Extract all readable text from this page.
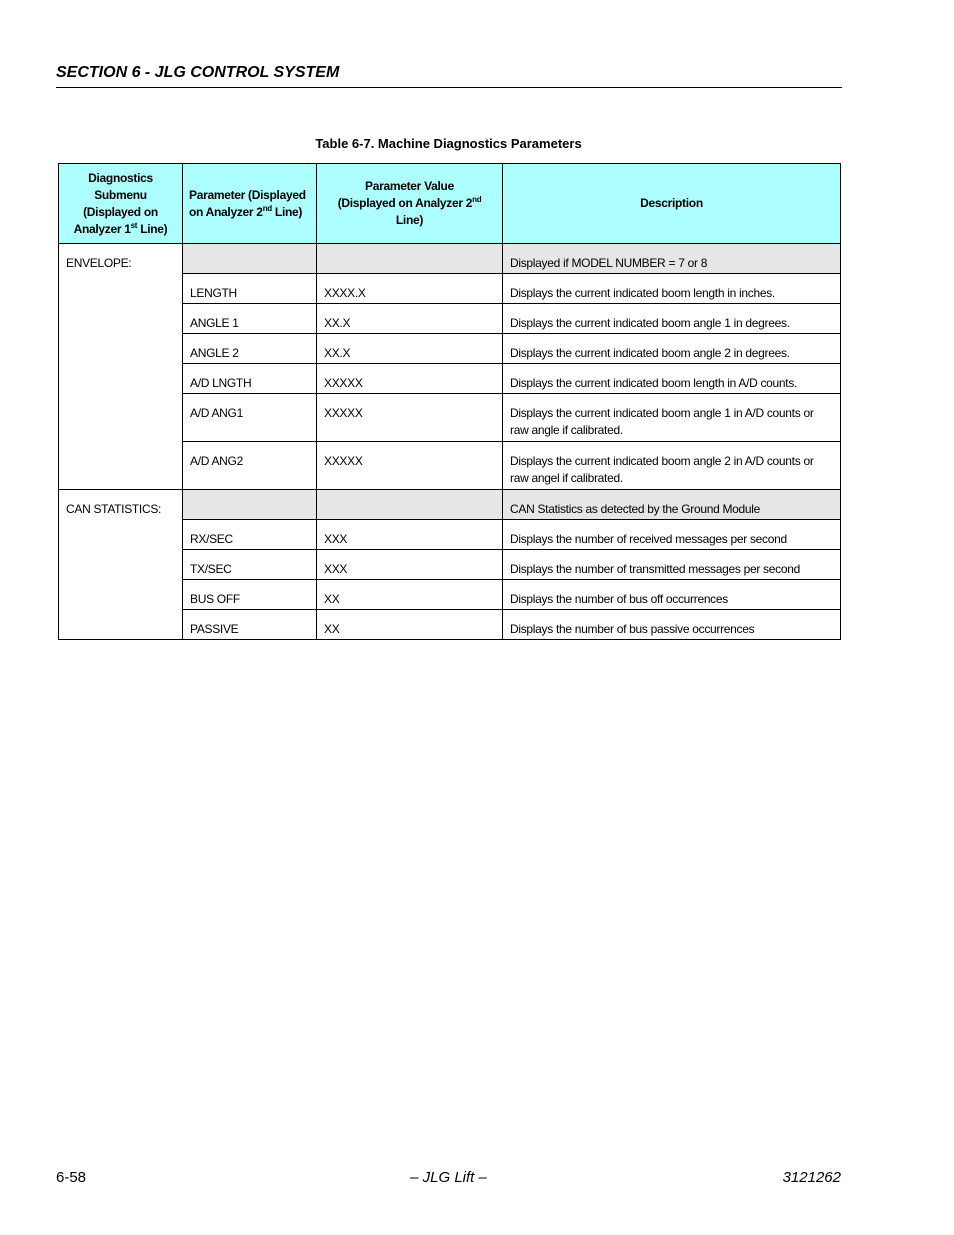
SECTION 6 - JLG CONTROL SYSTEM
Table 6-7. Machine Diagnostics Parameters
Diagnostics
Submenu
(Displayed on
Analyzer 1st Line)	Parameter (Displayed
on Analyzer 2nd Line)	Parameter Value
(Displayed on Analyzer 2nd
Line)	Description
ENVELOPE:			Displayed if MODEL NUMBER = 7 or 8
	LENGTH	XXXX.X	Displays the current indicated boom length in inches.
	ANGLE 1	XX.X	Displays the current indicated boom angle 1 in degrees.
	ANGLE 2	XX.X	Displays the current indicated boom angle 2 in degrees.
	A/D LNGTH	XXXXX	Displays the current indicated boom length in A/D counts.
	A/D ANG1	XXXXX	Displays the current indicated boom angle 1 in A/D counts or raw angle if calibrated.
	A/D ANG2	XXXXX	Displays the current indicated boom angle 2 in A/D counts or raw angel if calibrated.
CAN STATISTICS:			CAN Statistics as detected by the Ground Module
	RX/SEC	XXX	Displays the number of received messages per second
	TX/SEC	XXX	Displays the number of transmitted messages per second
	BUS OFF	XX	Displays the number of bus off occurrences
	PASSIVE	XX	Displays the number of bus passive occurrences
6-58	– JLG Lift –	3121262
